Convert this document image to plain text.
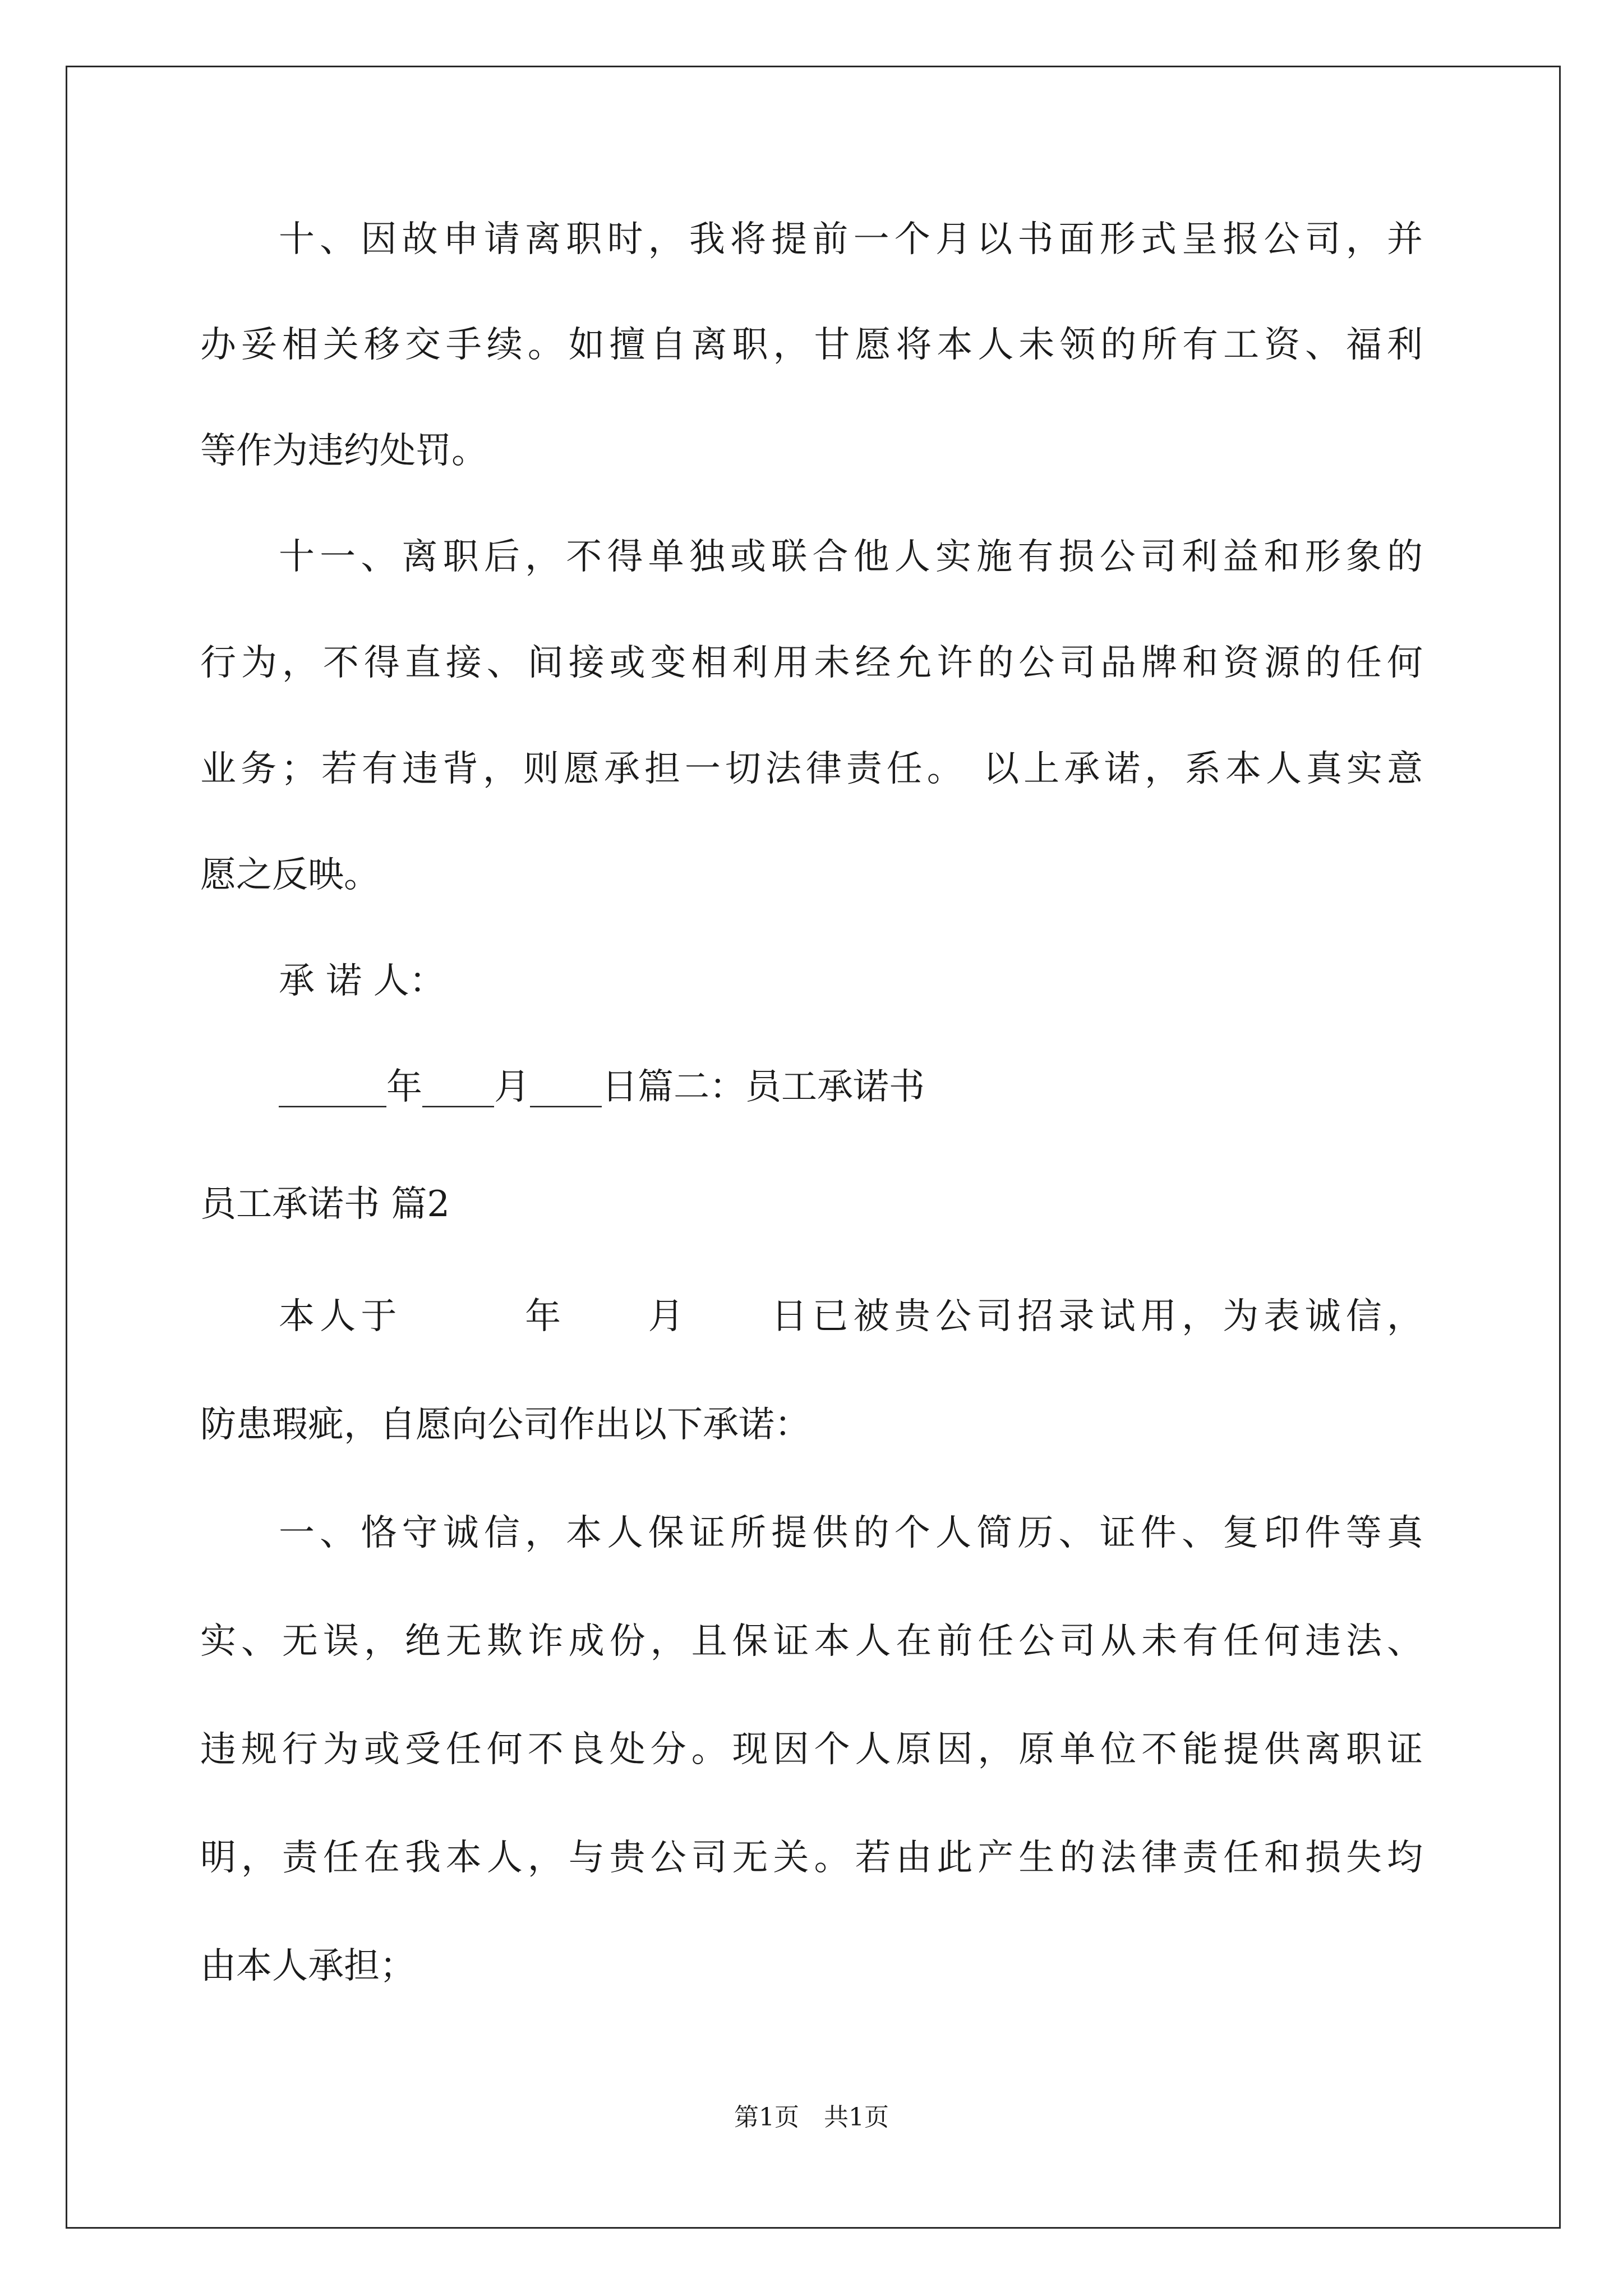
十、因故申请离职时，我将提前一个月以书面形式呈报公司，并
办妥相关移交手续。如擅自离职，甘愿将本人未领的所有工资、福利
等作为违约处罚。
十一、离职后，不得单独或联合他人实施有损公司利益和形象的
行为，不得直接、间接或变相利用未经允许的公司品牌和资源的任何
业务；若有违背，则愿承担一切法律责任。 以上承诺，系本人真实意
愿之反映。
承 诺 人：
______年____月____日篇二：员工承诺书
员工承诺书 篇2
本人于　　　年　　月　　日已被贵公司招录试用，为表诚信，
防患瑕疵，自愿向公司作出以下承诺：
一、恪守诚信，本人保证所提供的个人简历、证件、复印件等真
实、无误，绝无欺诈成份，且保证本人在前任公司从未有任何违法、
违规行为或受任何不良处分。现因个人原因，原单位不能提供离职证
明，责任在我本人，与贵公司无关。若由此产生的法律责任和损失均
由本人承担；
第1页　共1页
